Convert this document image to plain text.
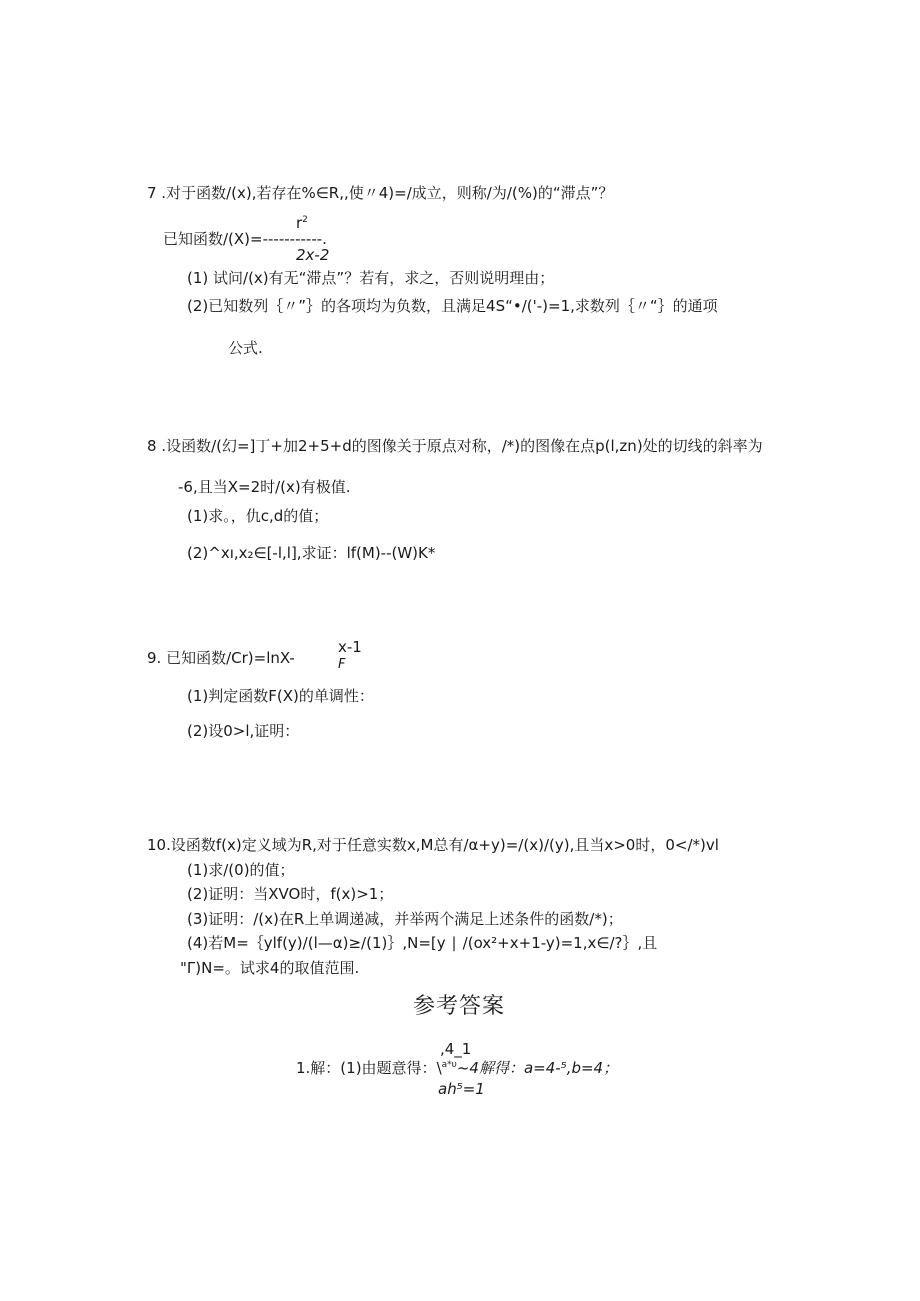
7 .对于函数/(x),若存在%∈R,,使〃4)=/成立，则称/为/(%)的“滞点”？
$r^2$
已知函数/(X)=-----------.
2x-2
(1) 试问/(x)有无“滞点”？若有，求之，否则说明理由；
(2)已知数列｛〃”｝的各项均为负数，且满足4S“•/('-)=1,求数列｛〃“｝的通项
公式.
8 .设函数/(幻=]丁+加2+5+d的图像关于原点对称，/*)的图像在点p(l,zn)处的切线的斜率为
-6,且当X=2时/(x)有极值.
(1)求。，仇c,d的值；
(2)^xı,x₂∈[-l,l],求证：lf(M)--(W)K*
x-1
9. 已知函数/Cr)=lnX-	F
(1)判定函数F(X)的单调性：
(2)设0>l,证明：
10.设函数f(x)定义域为R,对于任意实数x,M总有/α+y)=/(x)/(y),且当x>0时，0</*)vl
(1)求/(0)的值；
(2)证明：当XVO时，f(x)>1；
(3)证明：/(x)在R上单调递减，并举两个满足上述条件的函数/*)；
(4)若M=｛ylf(y)/(l—α)≥/(1)｝,N=[y ∣ /(ox²+x+1-y)=1,x∈/?｝,且
"Γ)N=。试求4的取值范围.
参考答案
,4_1
1.解：(1)由题意得：\$^{a*\upsilon}$~4解得：a=4-⁵,b=4；
ah⁵=1
